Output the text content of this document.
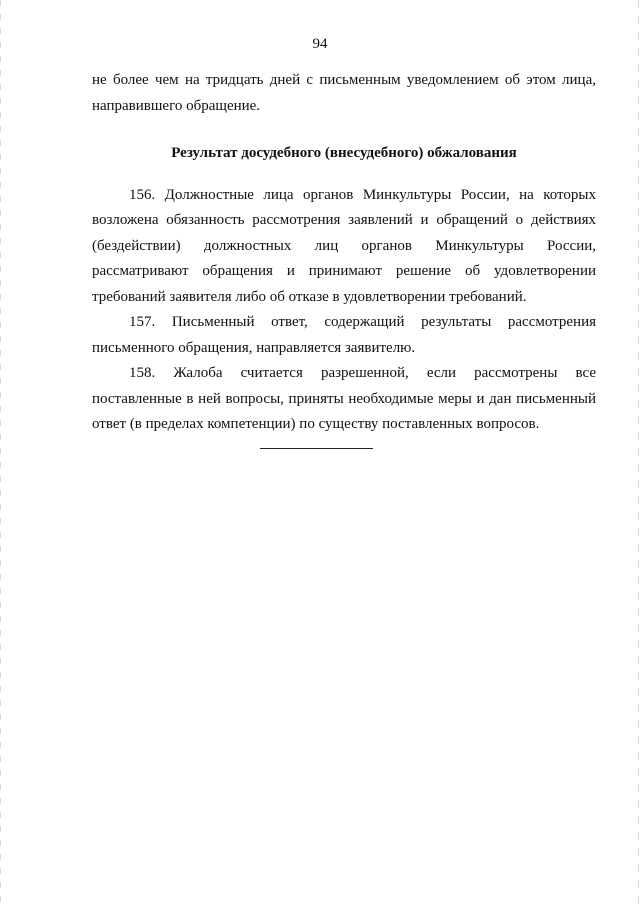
94

не более чем на тридцать дней с письменным уведомлением об этом лица,

направившего обращение.

Результат досудебного (внесудебного) обжалования

156. Должностные лица органов Минкультуры России, на которых

возложена обязанность рассмотрения заявлений и обращений о действиях

(бездействии) должностных лиц органов Минкультуры России,

рассматривают обращения и принимают решение об удовлетворении

требований заявителя либо об отказе в удовлетворении требований.

157. Письменный ответ, содержащий результаты рассмотрения

письменного обращения, направляется заявителю.

158. Жалоба считается разрешенной, если рассмотрены все

поставленные в ней вопросы, приняты необходимые меры и дан письменный

ответ (в пределах компетенции) по существу поставленных вопросов.
